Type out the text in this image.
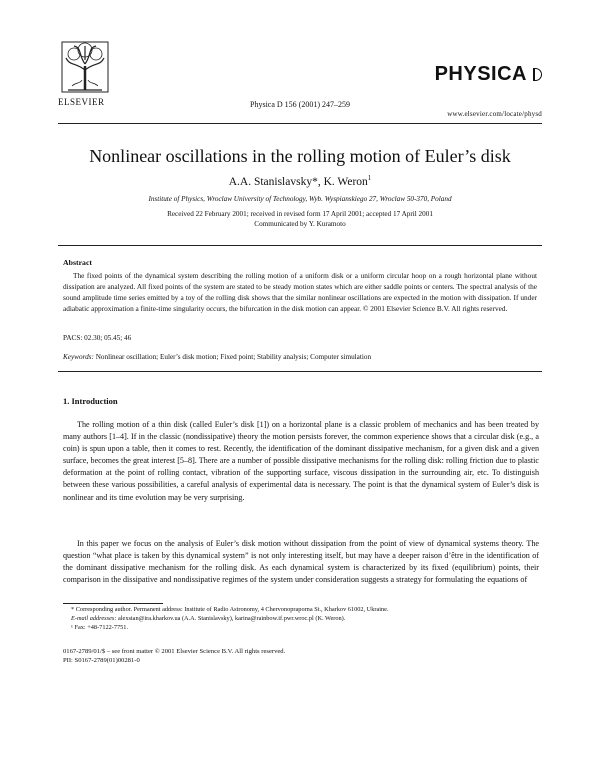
ELSEVIER	Physica D 156 (2001) 247–259
PHYSICA
www.elsevier.com/locate/physd
Nonlinear oscillations in the rolling motion of Euler’s disk
A.A. Stanislavsky*, K. Weron$^1$
Institute of Physics, Wroclaw University of Technology, Wyb. Wyspianskiego 27, Wroclaw 50-370, Poland
Received 22 February 2001; received in revised form 17 April 2001; accepted 17 April 2001
Communicated by Y. Kuramoto
Abstract
The fixed points of the dynamical system describing the rolling motion of a uniform disk or a uniform circular hoop on a rough horizontal plane without dissipation are analyzed. All fixed points of the system are stated to be steady motion states which are either saddle points or centers. The spectral analysis of the sound amplitude time series emitted by a toy of the rolling disk shows that the similar nonlinear oscillations are expected in the motion with dissipation. If under adiabatic approximation a finite-time singularity occurs, the bifurcation in the disk motion can appear. © 2001 Elsevier Science B.V. All rights reserved.
PACS: 02.30; 05.45; 46
Keywords: Nonlinear oscillation; Euler’s disk motion; Fixed point; Stability analysis; Computer simulation
1. Introduction
The rolling motion of a thin disk (called Euler’s disk [1]) on a horizontal plane is a classic problem of mechanics and has been treated by many authors [1–4]. If in the classic (nondissipative) theory the motion persists forever, the common experience shows that a circular disk (e.g., a coin) is spun upon a table, then it comes to rest. Recently, the identification of the dominant dissipative mechanism, for a given disk and a given surface, becomes the great interest [5–8]. There are a number of possible dissipative mechanisms for the rolling disk: rolling friction due to plastic deformation at the point of rolling contact, vibration of the supporting surface, viscous dissipation in the surrounding air, etc. To distinguish between these various possibilities, a careful analysis of experimental data is necessary. The point is that the dynamical system of Euler’s disk is nonlinear and its time evolution may be very surprising.
In this paper we focus on the analysis of Euler’s disk motion without dissipation from the point of view of dynamical systems theory. The question “what place is taken by this dynamical system” is not only interesting itself, but may have a deeper raison d’être in the identification of the dominant dissipative mechanism for the rolling disk. As each dynamical system is characterized by its fixed (equilibrium) points, their comparison in the dissipative and nondissipative regimes of the system under consideration suggests a strategy for formulating the equations of
* Corresponding author. Permanent address: Institute of Radio Astronomy, 4 Chervonopraporna St., Kharkov 61002, Ukraine.
E-mail addresses: alexstan@ira.kharkov.ua (A.A. Stanislavsky), karina@rainbow.if.pwr.wroc.pl (K. Weron).
¹ Fax: +48-7122-7751.
0167-2789/01/$ – see front matter © 2001 Elsevier Science B.V. All rights reserved.
PII: S0167-2789(01)00281-0
